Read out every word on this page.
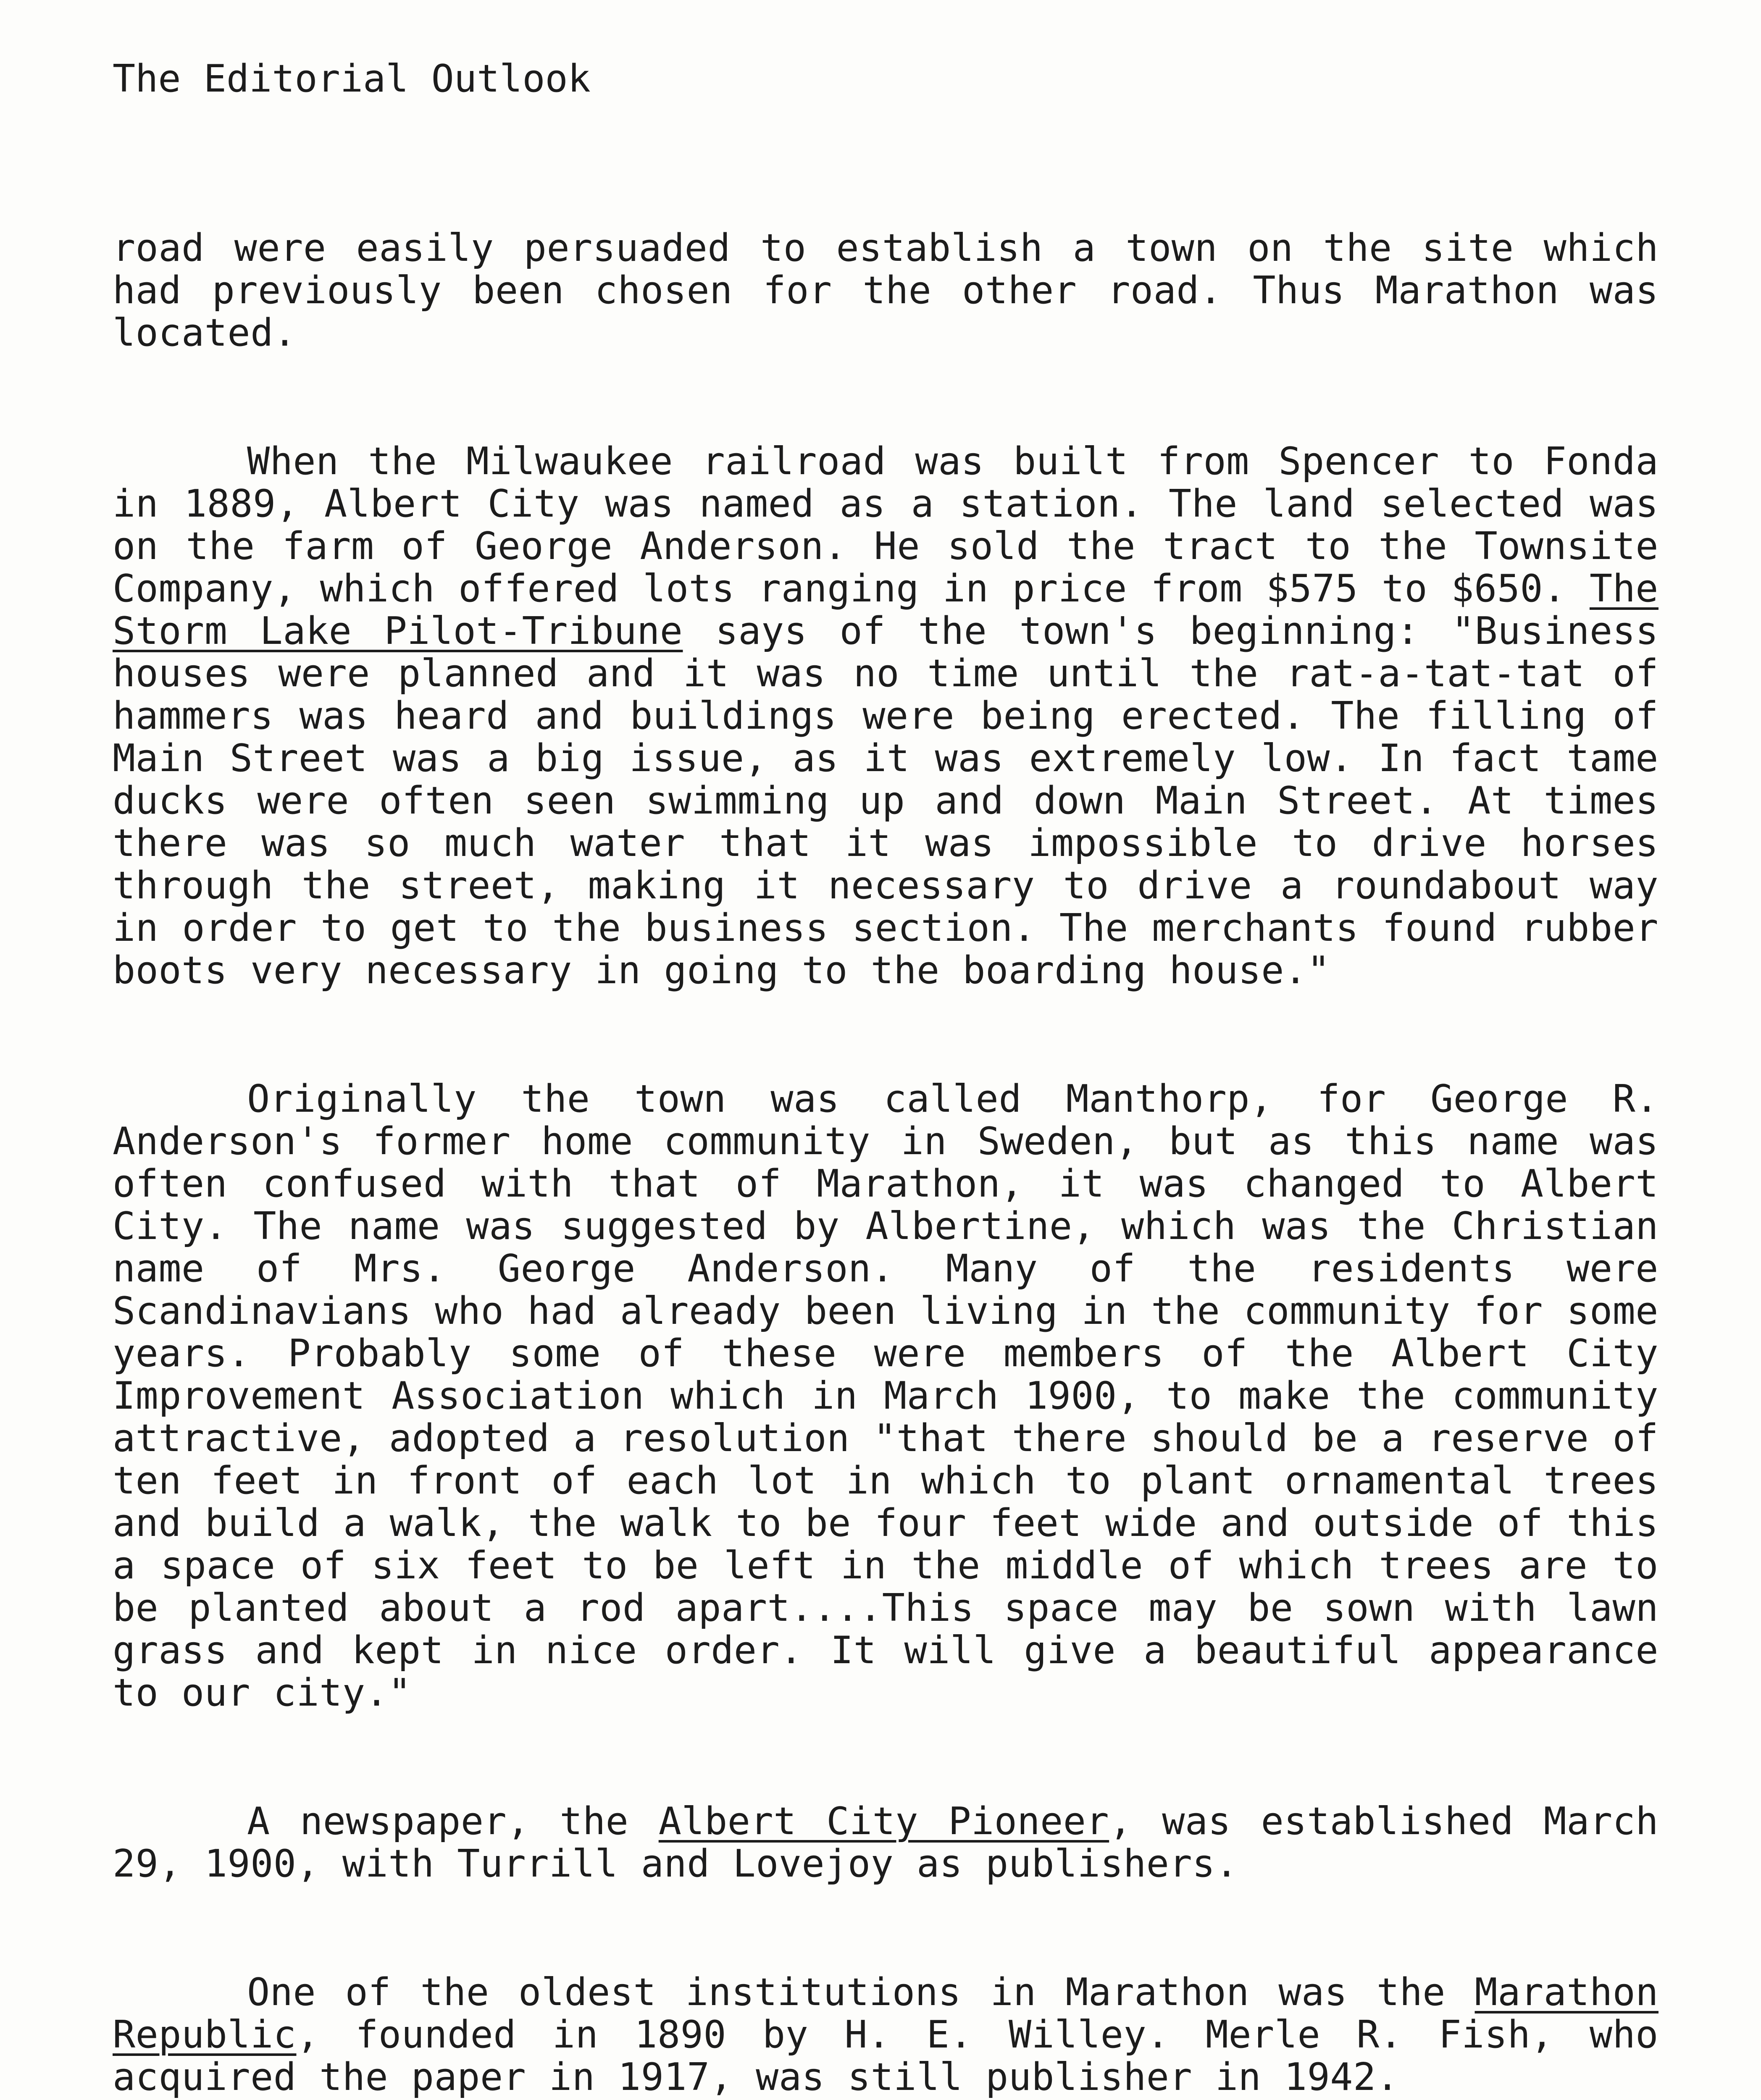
The Editorial Outlook

road were easily persuaded to establish a town on the site which had previously been chosen for the other road. Thus Marathon was located.

When the Milwaukee railroad was built from Spencer to Fonda in 1889, Albert City was named as a station. The land selected was on the farm of George Anderson. He sold the tract to the Townsite Company, which offered lots ranging in price from $575 to $650. The Storm Lake Pilot-Tribune says of the town's beginning: "Business houses were planned and it was no time until the rat-a-tat-tat of hammers was heard and buildings were being erected. The filling of Main Street was a big issue, as it was extremely low. In fact tame ducks were often seen swimming up and down Main Street. At times there was so much water that it was impossible to drive horses through the street, making it necessary to drive a roundabout way in order to get to the business section. The merchants found rubber boots very necessary in going to the boarding house."

Originally the town was called Manthorp, for George R. Anderson's former home community in Sweden, but as this name was often confused with that of Marathon, it was changed to Albert City. The name was suggested by Albertine, which was the Christian name of Mrs. George Anderson. Many of the residents were Scandinavians who had already been living in the community for some years. Probably some of these were members of the Albert City Improvement Association which in March 1900, to make the community attractive, adopted a resolution "that there should be a reserve of ten feet in front of each lot in which to plant ornamental trees and build a walk, the walk to be four feet wide and outside of this a space of six feet to be left in the middle of which trees are to be planted about a rod apart....This space may be sown with lawn grass and kept in nice order. It will give a beautiful appearance to our city."

A newspaper, the Albert City Pioneer, was established March 29, 1900, with Turrill and Lovejoy as publishers.

One of the oldest institutions in Marathon was the Marathon Republic, founded in 1890 by H. E. Willey. Merle R. Fish, who acquired the paper in 1917, was still publisher in 1942.
